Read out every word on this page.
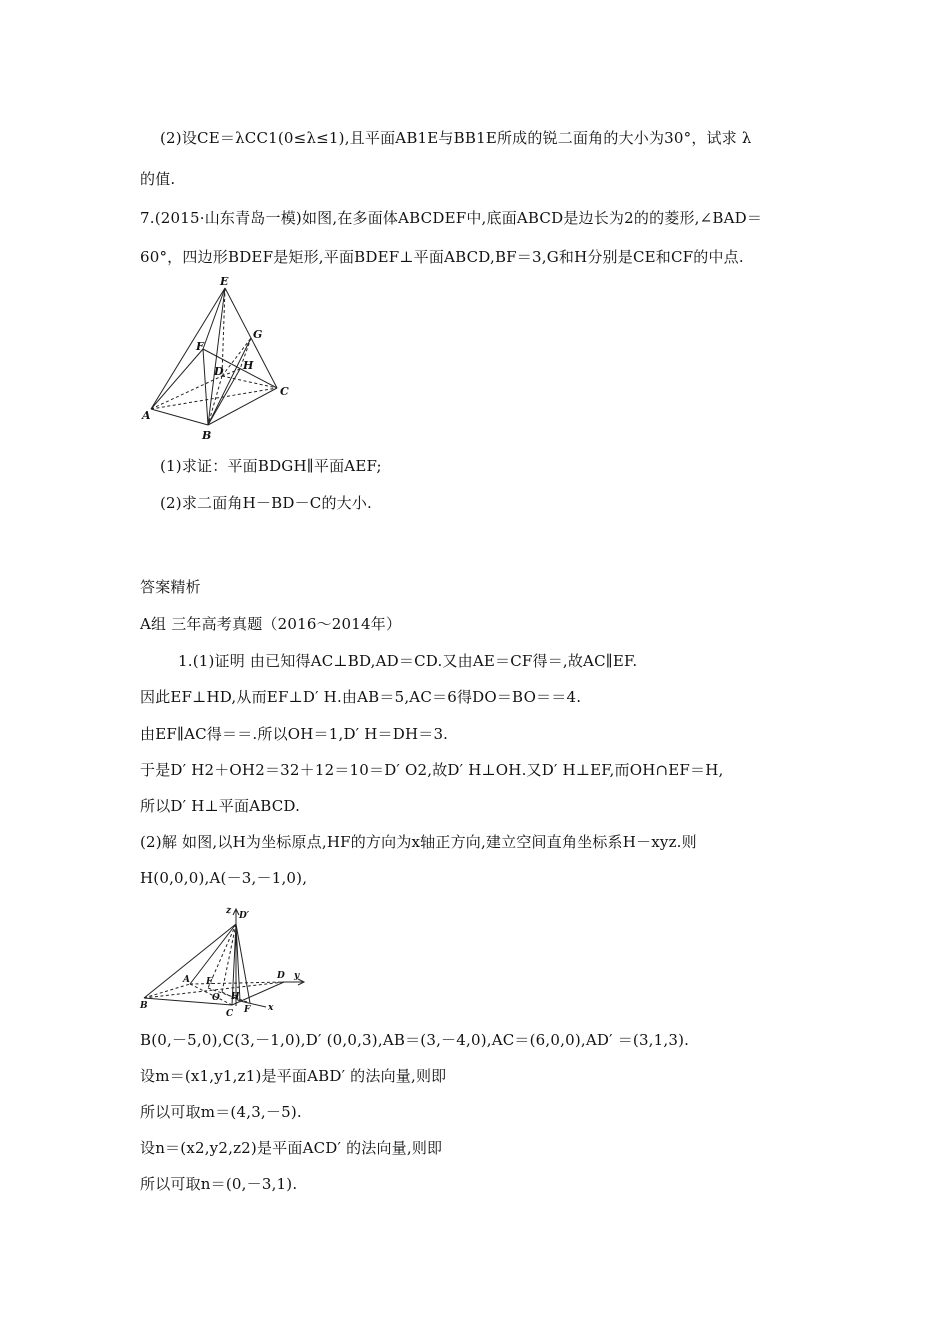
(2)设CE＝λCC1(0≤λ≤1),且平面AB1E与BB1E所成的锐二面角的大小为30°，试求 λ
的值.
7.(2015·山东青岛一模)如图,在多面体ABCDEF中,底面ABCD是边长为2的的菱形,∠BAD＝
60°，四边形BDEF是矩形,平面BDEF⊥平面ABCD,BF＝3,G和H分别是CE和CF的中点.
E
G
F
D H
C
A
B
(1)求证：平面BDGH∥平面AEF;
(2)求二面角H－BD－C的大小.
答案精析
A组 三年高考真题（2016～2014年）
1.(1)证明 由已知得AC⊥BD,AD＝CD.又由AE＝CF得＝,故AC∥EF.
因此EF⊥HD,从而EF⊥D′ H.由AB＝5,AC＝6得DO＝BO＝＝4.
由EF∥AC得＝＝.所以OH＝1,D′ H＝DH＝3.
于是D′ H2＋OH2＝32＋12＝10＝D′ O2,故D′ H⊥OH.又D′ H⊥EF,而OH∩EF＝H,
所以D′ H⊥平面ABCD.
(2)解 如图,以H为坐标原点,HF的方向为x轴正方向,建立空间直角坐标系H－xyz.则
H(0,0,0),A(－3,－1,0),
z D′
A E
D y
B
O H
C F x
B(0,－5,0),C(3,－1,0),D′ (0,0,3),AB＝(3,－4,0),AC＝(6,0,0),AD′ ＝(3,1,3).
设m＝(x1,y1,z1)是平面ABD′ 的法向量,则即
所以可取m＝(4,3,－5).
设n＝(x2,y2,z2)是平面ACD′ 的法向量,则即
所以可取n＝(0,－3,1).
